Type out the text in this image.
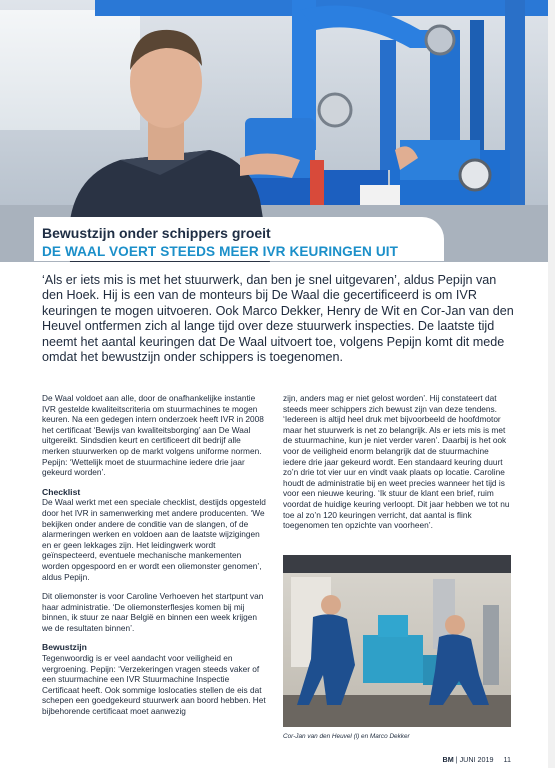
Bewustzijn onder schippers groeit
DE WAAL VOERT STEEDS MEER IVR KEURINGEN UIT
‘Als er iets mis is met het stuurwerk, dan ben je snel uitgevaren’, aldus Pepijn van den Hoek. Hij is een van de monteurs bij De Waal die gecertificeerd is om IVR keuringen te mogen uitvoeren. Ook Marco Dekker, Henry de Wit en Cor-Jan van den Heuvel ontfermen zich al lange tijd over deze stuurwerk inspecties. De laatste tijd neemt het aantal keuringen dat De Waal uitvoert toe, volgens Pepijn komt dit mede omdat het bewustzijn onder schippers is toegenomen.

De Waal voldoet aan alle, door de onafhankelijke instantie IVR gestelde kwaliteitscriteria om stuurmachines te mogen keuren. Na een gedegen intern onderzoek heeft IVR in 2008 het certificaat ‘Bewijs van kwaliteitsborging’ aan De Waal uitgereikt. Sindsdien keurt en certificeert dit bedrijf alle merken stuurwerken op de markt volgens uniforme normen. Pepijn: ‘Wettelijk moet de stuurmachine iedere drie jaar gekeurd worden’.

Checklist

De Waal werkt met een speciale checklist, destijds opgesteld door het IVR in samenwerking met andere producenten. ‘We bekijken onder andere de conditie van de slangen, of de alarmeringen werken en voldoen aan de laatste wijzigingen en er geen lekkages zijn. Het leidingwerk wordt geïnspecteerd, eventuele mechanische mankementen worden opgespoord en er wordt een oliemonster genomen’, aldus Pepijn.

Dit oliemonster is voor Caroline Verhoeven het startpunt van haar administratie. ‘De oliemonsterflesjes komen bij mij binnen, ik stuur ze naar België en binnen een week krijgen we de resultaten binnen’.

Bewustzijn

Tegenwoordig is er veel aandacht voor veiligheid en vergroening. Pepijn: ‘Verzekeringen vragen steeds vaker of een stuurmachine een IVR Stuurmachine Inspectie Certificaat heeft. Ook sommige loslocaties stellen de eis dat schepen een goedgekeurd stuurwerk aan boord hebben. Het bijbehorende certificaat moet aanwezig

zijn, anders mag er niet gelost worden’. Hij constateert dat steeds meer schippers zich bewust zijn van deze tendens. ‘Iedereen is altijd heel druk met bijvoorbeeld de hoofdmotor maar het stuurwerk is net zo belangrijk. Als er iets mis is met de stuurmachine, kun je niet verder varen’. Daarbij is het ook voor de veiligheid enorm belangrijk dat de stuurmachine iedere drie jaar gekeurd wordt. Een standaard keuring duurt zo’n drie tot vier uur en vindt vaak plaats op locatie. Caroline houdt de administratie bij en weet precies wanneer het tijd is voor een nieuwe keuring. ‘Ik stuur de klant een brief, ruim voordat de huidige keuring verloopt. Dit jaar hebben we tot nu toe al zo’n 120 keuringen verricht, dat aantal is flink toegenomen ten opzichte van voorheen’.

Cor-Jan van den Heuvel (l) en Marco Dekker
BM | JUNI 2019 11
